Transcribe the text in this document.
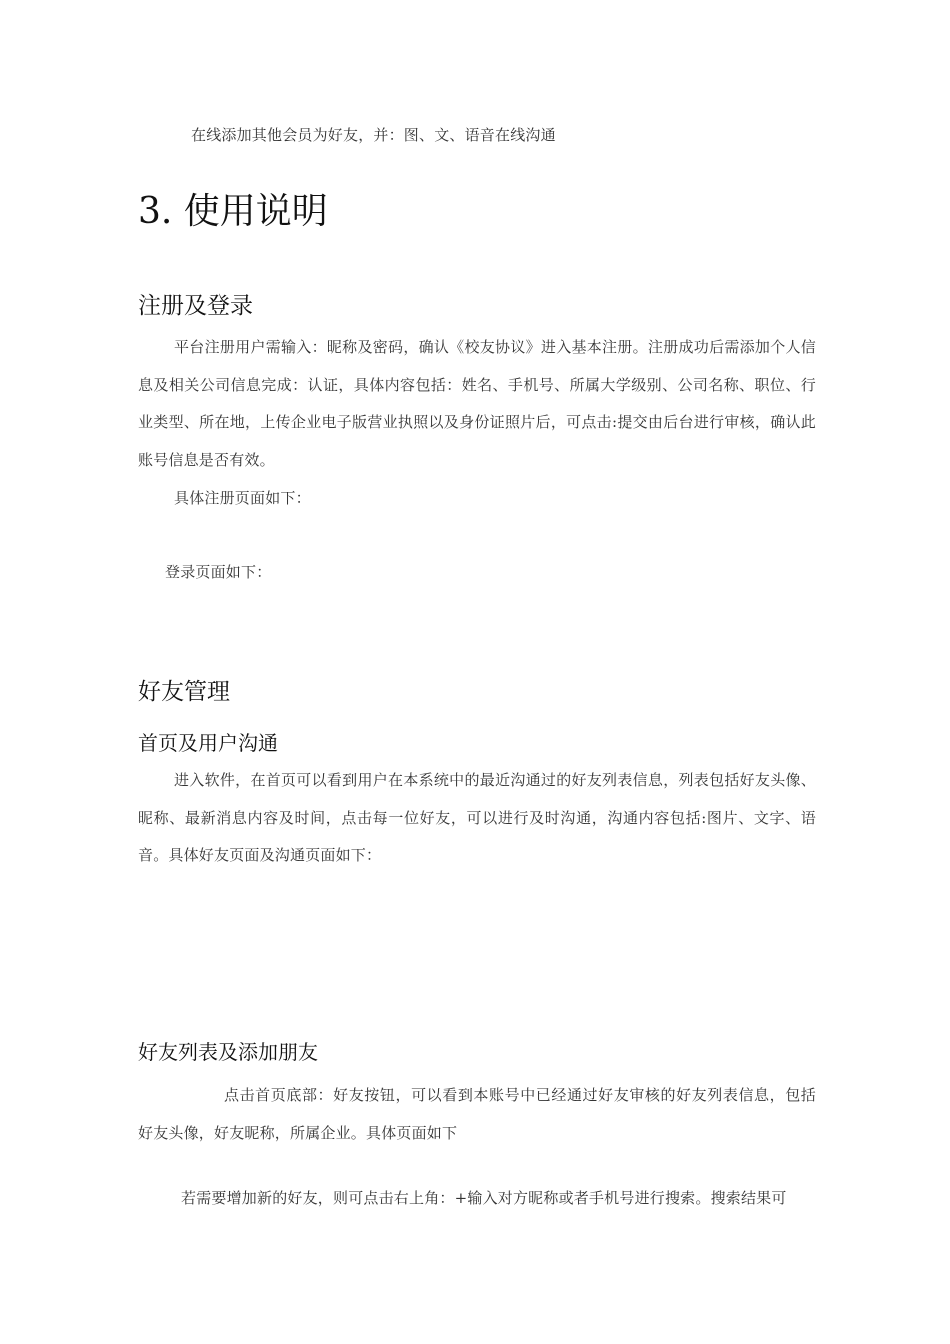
在线添加其他会员为好友，并：图、文、语音在线沟通
3. 使用说明
注册及登录
平台注册用户需输入：昵称及密码，确认《校友协议》进入基本注册。注册成功后需添加个人信息及相关公司信息完成：认证，具体内容包括：姓名、手机号、所属大学级别、公司名称、职位、行业类型、所在地，上传企业电子版营业执照以及身份证照片后，可点击:提交由后台进行审核，确认此账号信息是否有效。
具体注册页面如下：
登录页面如下：
好友管理
首页及用户沟通
进入软件，在首页可以看到用户在本系统中的最近沟通过的好友列表信息，列表包括好友头像、昵称、最新消息内容及时间，点击每一位好友，可以进行及时沟通，沟通内容包括:图片、文字、语音。具体好友页面及沟通页面如下：
好友列表及添加朋友
点击首页底部：好友按钮，可以看到本账号中已经通过好友审核的好友列表信息，包括好友头像，好友昵称，所属企业。具体页面如下
若需要增加新的好友，则可点击右上角：+输入对方昵称或者手机号进行搜索。搜索结果可
